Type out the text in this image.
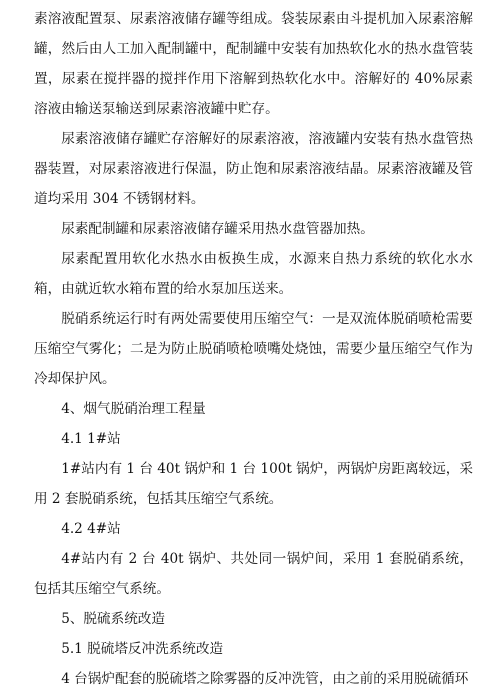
素溶液配置泵、尿素溶液储存罐等组成。袋装尿素由斗提机加入尿素溶解罐，然后由人工加入配制罐中，配制罐中安装有加热软化水的热水盘管装置，尿素在搅拌器的搅拌作用下溶解到热软化水中。溶解好的 40%尿素溶液由输送泵输送到尿素溶液罐中贮存。

尿素溶液储存罐贮存溶解好的尿素溶液，溶液罐内安装有热水盘管热器装置，对尿素溶液进行保温，防止饱和尿素溶液结晶。尿素溶液罐及管道均采用 304 不锈钢材料。

尿素配制罐和尿素溶液储存罐采用热水盘管器加热。

尿素配置用软化水热水由板换生成，水源来自热力系统的软化水水箱，由就近软水箱布置的给水泵加压送来。

脱硝系统运行时有两处需要使用压缩空气：一是双流体脱硝喷枪需要压缩空气雾化；二是为防止脱硝喷枪喷嘴处烧蚀，需要少量压缩空气作为冷却保护风。

4、烟气脱硝治理工程量

4.1 1#站

1#站内有 1 台 40t 锅炉和 1 台 100t 锅炉，两锅炉房距离较远，采用 2 套脱硝系统，包括其压缩空气系统。

4.2 4#站

4#站内有 2 台 40t 锅炉、共处同一锅炉间，采用 1 套脱硝系统，包括其压缩空气系统。

5、脱硫系统改造

5.1 脱硫塔反冲洗系统改造

4 台锅炉配套的脱硫塔之除雾器的反冲洗管，由之前的采用脱硫循环
